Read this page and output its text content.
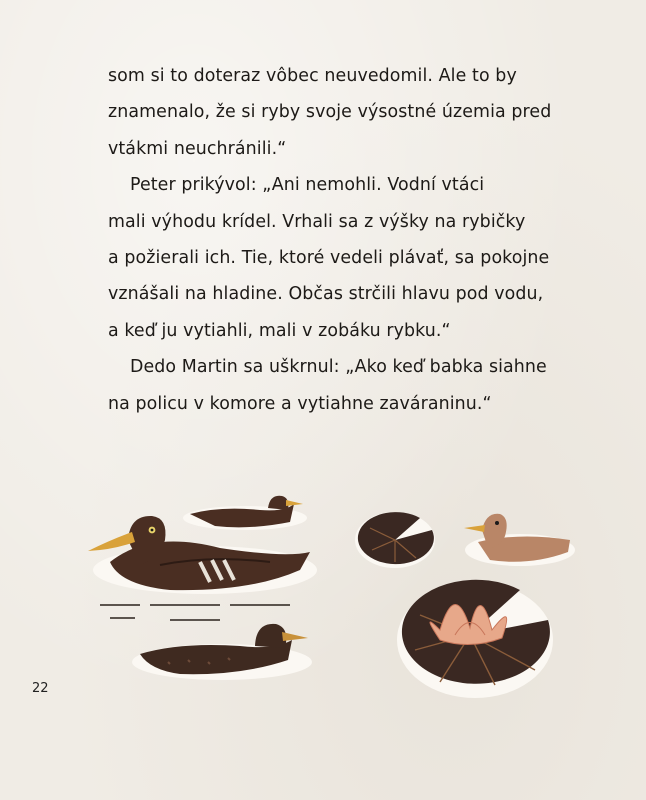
som si to doteraz vôbec neuvedomil. Ale to by
znamenalo, že si ryby svoje výsostné územia pred
vtákmi neuchránili.“
Peter prikývol: „Ani nemohli. Vodní vtáci
mali výhodu krídel. Vrhali sa z výšky na rybičky
a požierali ich. Tie, ktoré vedeli plávať, sa pokojne
vznášali na hladine. Občas strčili hlavu pod vodu,
a keď ju vytiahli, mali v zobáku rybku.“
Dedo Martin sa uškrnul: „Ako keď babka siahne
na policu v komore a vytiahne zaváraninu.“
22
